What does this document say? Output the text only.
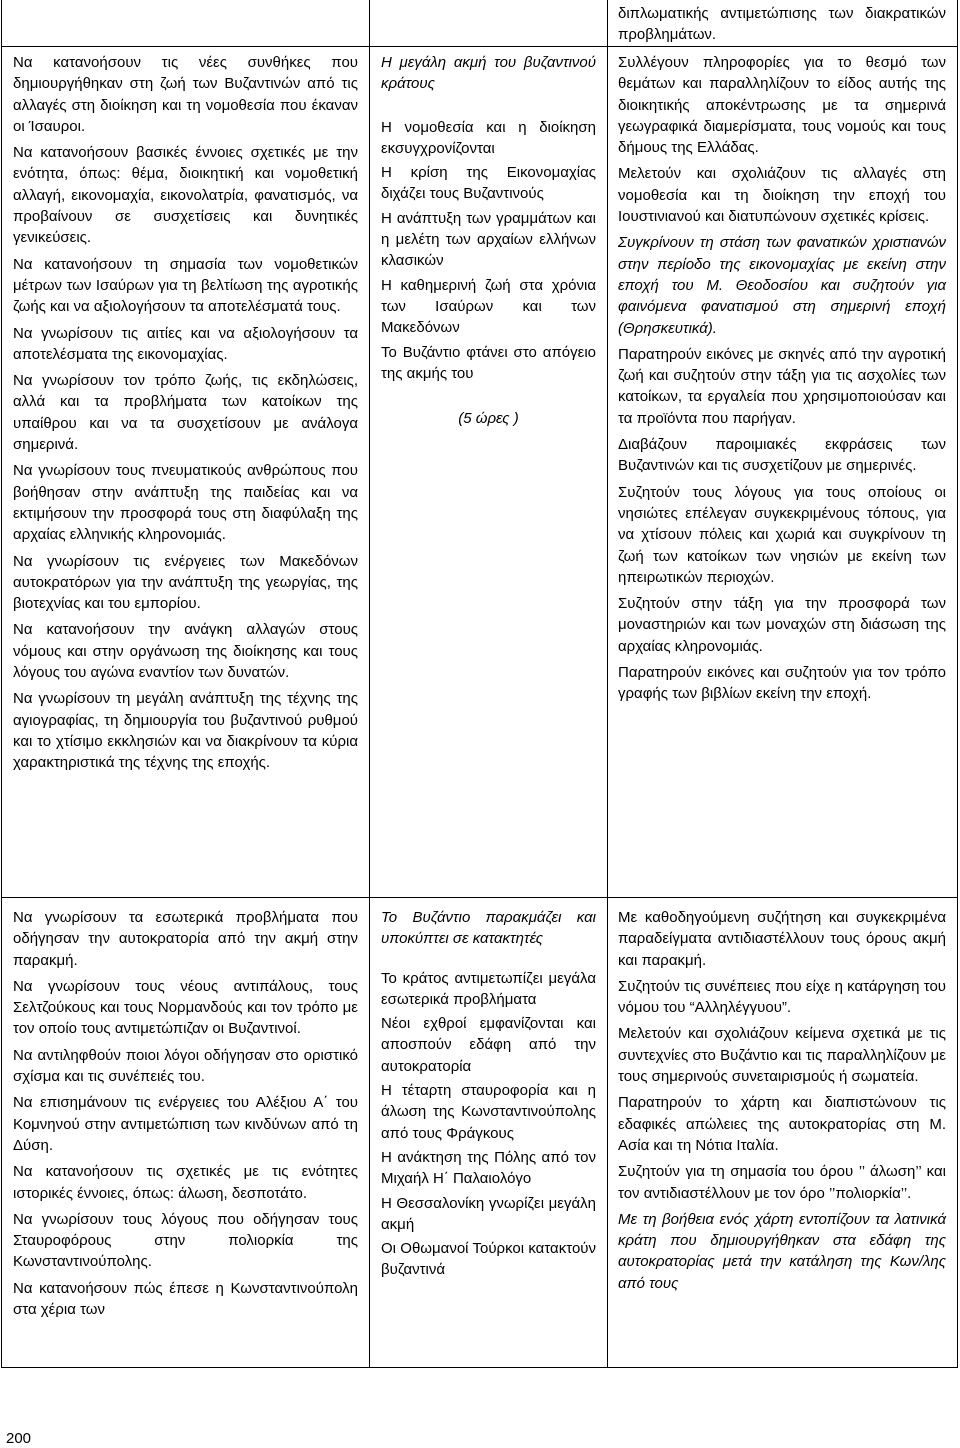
διπλωματικής αντιμετώπισης των διακρατικών προβλημάτων.

Να κατανοήσουν τις νέες συνθήκες που δημιουργήθηκαν στη ζωή των Βυζαντινών από τις αλλαγές στη διοίκηση και τη νομοθεσία που έκαναν οι Ίσαυροι.

Να κατανοήσουν βασικές έννοιες σχετικές με την ενότητα, όπως: θέμα, διοικητική και νομοθετική αλλαγή, εικονομαχία, εικονολατρία, φανατισμός, να προβαίνουν σε συσχετίσεις και δυνητικές γενικεύσεις.

Να κατανοήσουν τη σημασία των νομοθετικών μέτρων των Ισαύρων για τη βελτίωση της αγροτικής ζωής και να αξιολογήσουν τα αποτελέσματά τους.

Να γνωρίσουν τις αιτίες και να αξιολογήσουν τα αποτελέσματα της εικονομαχίας.

Να γνωρίσουν τον τρόπο ζωής, τις εκδηλώσεις, αλλά και τα προβλήματα των κατοίκων της υπαίθρου και να τα συσχετίσουν με ανάλογα σημερινά.

Να γνωρίσουν τους πνευματικούς ανθρώπους που βοήθησαν στην ανάπτυξη της παιδείας και να εκτιμήσουν την προσφορά τους στη διαφύλαξη της αρχαίας ελληνικής κληρονομιάς.

Να γνωρίσουν τις ενέργειες των Μακεδόνων αυτοκρατόρων για την ανάπτυξη της γεωργίας, της βιοτεχνίας και του εμπορίου.

Να κατανοήσουν την ανάγκη αλλαγών στους νόμους και στην οργάνωση της διοίκησης και τους λόγους του αγώνα εναντίον των δυνατών.

Να γνωρίσουν τη μεγάλη ανάπτυξη της τέχνης της αγιογραφίας, τη δημιουργία του βυζαντινού ρυθμού και το χτίσιμο εκκλησιών και να διακρίνουν τα κύρια χαρακτηριστικά της τέχνης της εποχής.

Η μεγάλη ακμή του βυζαντινού κράτους

Η νομοθεσία και η διοίκηση εκσυγχρονίζονται

Η κρίση της Εικονομαχίας διχάζει τους Βυζαντινούς

Η ανάπτυξη των γραμμάτων και η μελέτη των αρχαίων ελλήνων κλασικών

Η καθημερινή ζωή στα χρόνια των Ισαύρων και των Μακεδόνων

Το Βυζάντιο φτάνει στο απόγειο της ακμής του

(5 ώρες )

Συλλέγουν πληροφορίες για το θεσμό των θεμάτων και παραλληλίζουν το είδος αυτής της διοικητικής αποκέντρωσης με τα σημερινά γεωγραφικά διαμερίσματα, τους νομούς και τους δήμους της Ελλάδας.

Μελετούν και σχολιάζουν τις αλλαγές στη νομοθεσία και τη διοίκηση την εποχή του Ιουστινιανού και διατυπώνουν σχετικές κρίσεις.

Συγκρίνουν τη στάση των φανατικών χριστιανών στην περίοδο της εικονομαχίας με εκείνη στην εποχή του Μ. Θεοδοσίου και συζητούν για φαινόμενα φανατισμού στη σημερινή εποχή (Θρησκευτικά).

Παρατηρούν εικόνες με σκηνές από την αγροτική ζωή και συζητούν στην τάξη για τις ασχολίες των κατοίκων, τα εργαλεία που χρησιμοποιούσαν και τα προϊόντα που παρήγαν.

Διαβάζουν παροιμιακές εκφράσεις των Βυζαντινών και τις συσχετίζουν με σημερινές.

Συζητούν τους λόγους για τους οποίους οι νησιώτες επέλεγαν συγκεκριμένους τόπους, για να χτίσουν πόλεις και χωριά και συγκρίνουν τη ζωή των κατοίκων των νησιών με εκείνη των ηπειρωτικών περιοχών.

Συζητούν στην τάξη για την προσφορά των μοναστηριών και των μοναχών στη διάσωση της αρχαίας κληρονομιάς.

Παρατηρούν εικόνες και συζητούν για τον τρόπο γραφής των βιβλίων εκείνη την εποχή.

Να γνωρίσουν τα εσωτερικά προβλήματα που οδήγησαν την αυτοκρατορία από την ακμή στην παρακμή.

Να γνωρίσουν τους νέους αντιπάλους, τους Σελτζούκους και τους Νορμανδούς και τον τρόπο με τον οποίο τους αντιμετώπιζαν οι Βυζαντινοί.

Να αντιληφθούν ποιοι λόγοι οδήγησαν στο οριστικό σχίσμα και τις συνέπειές του.

Να επισημάνουν τις ενέργειες του Αλέξιου Α΄ του Κομνηνού στην αντιμετώπιση των κινδύνων από τη Δύση.

Να κατανοήσουν τις σχετικές με τις ενότητες ιστορικές έννοιες, όπως: άλωση, δεσποτάτο.

Να γνωρίσουν τους λόγους που οδήγησαν τους Σταυροφόρους στην πολιορκία της Κωνσταντινούπολης.

Να κατανοήσουν πώς έπεσε η Κωνσταντινούπολη στα χέρια των

Το Βυζάντιο παρακμάζει και υποκύπτει σε κατακτητές

Το κράτος αντιμετωπίζει μεγάλα εσωτερικά προβλήματα

Νέοι εχθροί εμφανίζονται και αποσπούν εδάφη από την αυτοκρατορία

Η τέταρτη σταυροφορία και η άλωση της Κωνσταντινούπολης από τους Φράγκους

Η ανάκτηση της Πόλης από τον Μιχαήλ Η΄ Παλαιολόγο

Η Θεσσαλονίκη γνωρίζει μεγάλη ακμή

Οι Οθωμανοί Τούρκοι κατακτούν βυζαντινά

Με καθοδηγούμενη συζήτηση και συγκεκριμένα παραδείγματα αντιδιαστέλλουν τους όρους ακμή και παρακμή.

Συζητούν τις συνέπειες που είχε η κατάργηση του νόμου του “Αλληλέγγυου”.

Μελετούν και σχολιάζουν κείμενα σχετικά με τις συντεχνίες στο Βυζάντιο και τις παραλληλίζουν με τους σημερινούς συνεταιρισμούς ή σωματεία.

Παρατηρούν το χάρτη και διαπιστώνουν τις εδαφικές απώλειες της αυτοκρατορίας στη Μ. Ασία και τη Νότια Ιταλία.

Συζητούν για τη σημασία του όρου ’’ άλωση’’ και τον αντιδιαστέλλουν με τον όρο ’’πολιορκία’’.

Με τη βοήθεια ενός χάρτη εντοπίζουν τα λατινικά κράτη που δημιουργήθηκαν στα εδάφη της αυτοκρατορίας μετά την κατάληση της Κων/λης από τους

200
